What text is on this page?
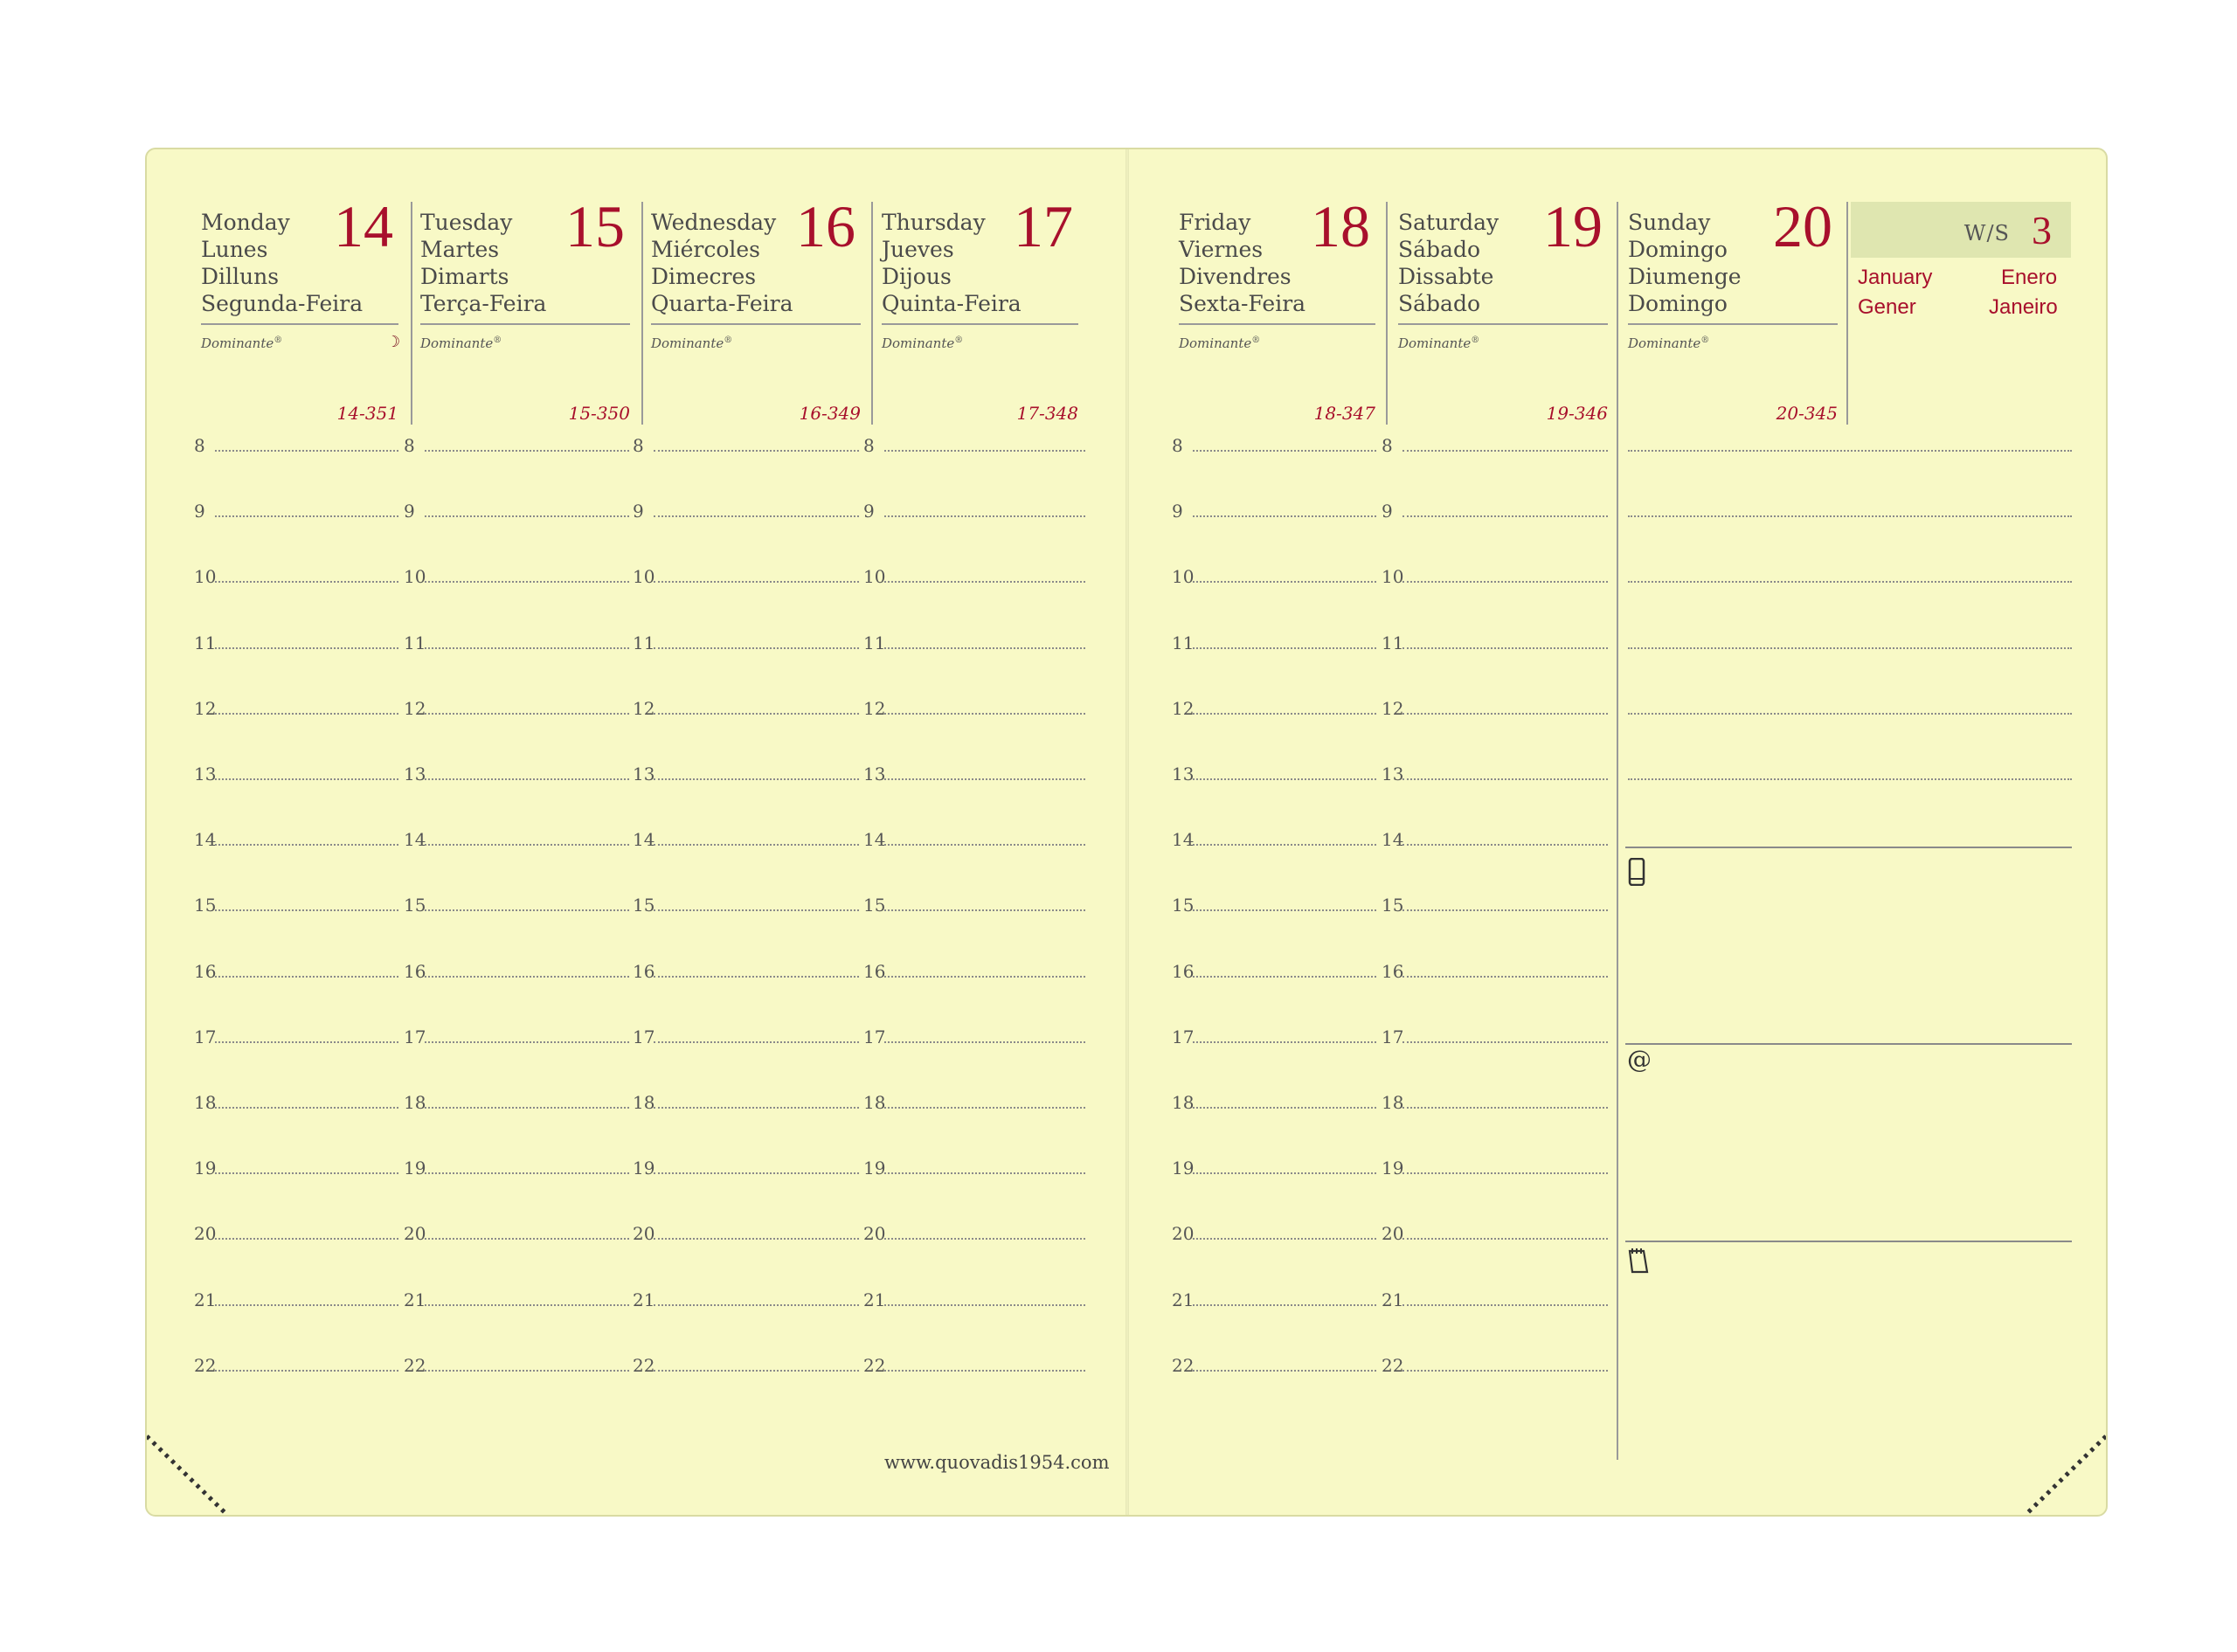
Monday
Lunes
Dilluns
Segunda-Feira
14
Dominante®	☽
14-351
Tuesday
Martes
Dimarts
Terça-Feira
15
Dominante®
15-350
Wednesday
Miércoles
Dimecres
Quarta-Feira
16
Dominante®
16-349
Thursday
Jueves
Dijous
Quinta-Feira
17
Dominante®
17-348
Friday
Viernes
Divendres
Sexta-Feira
18
Dominante®
18-347
Saturday
Sábado
Dissabte
Sábado
19
Dominante®
19-346
Sunday
Domingo
Diumenge
Domingo
20
Dominante®
20-345
W/S 3
January	Enero
Gener	Janeiro
8	8	8	8	8	8
9	9	9	9	9	9
10	10	10	10	10	10
11	11	11	11	11	11
12	12	12	12	12	12
13	13	13	13	13	13
14	14	14	14	14	14
15	15	15	15	15	15
16	16	16	16	16	16
17	17	17	17	17	17
18	18	18	18	18	18
19	19	19	19	19	19
20	20	20	20	20	20
21	21	21	21	21	21
22	22	22	22	22	22
@
www.quovadis1954.com
